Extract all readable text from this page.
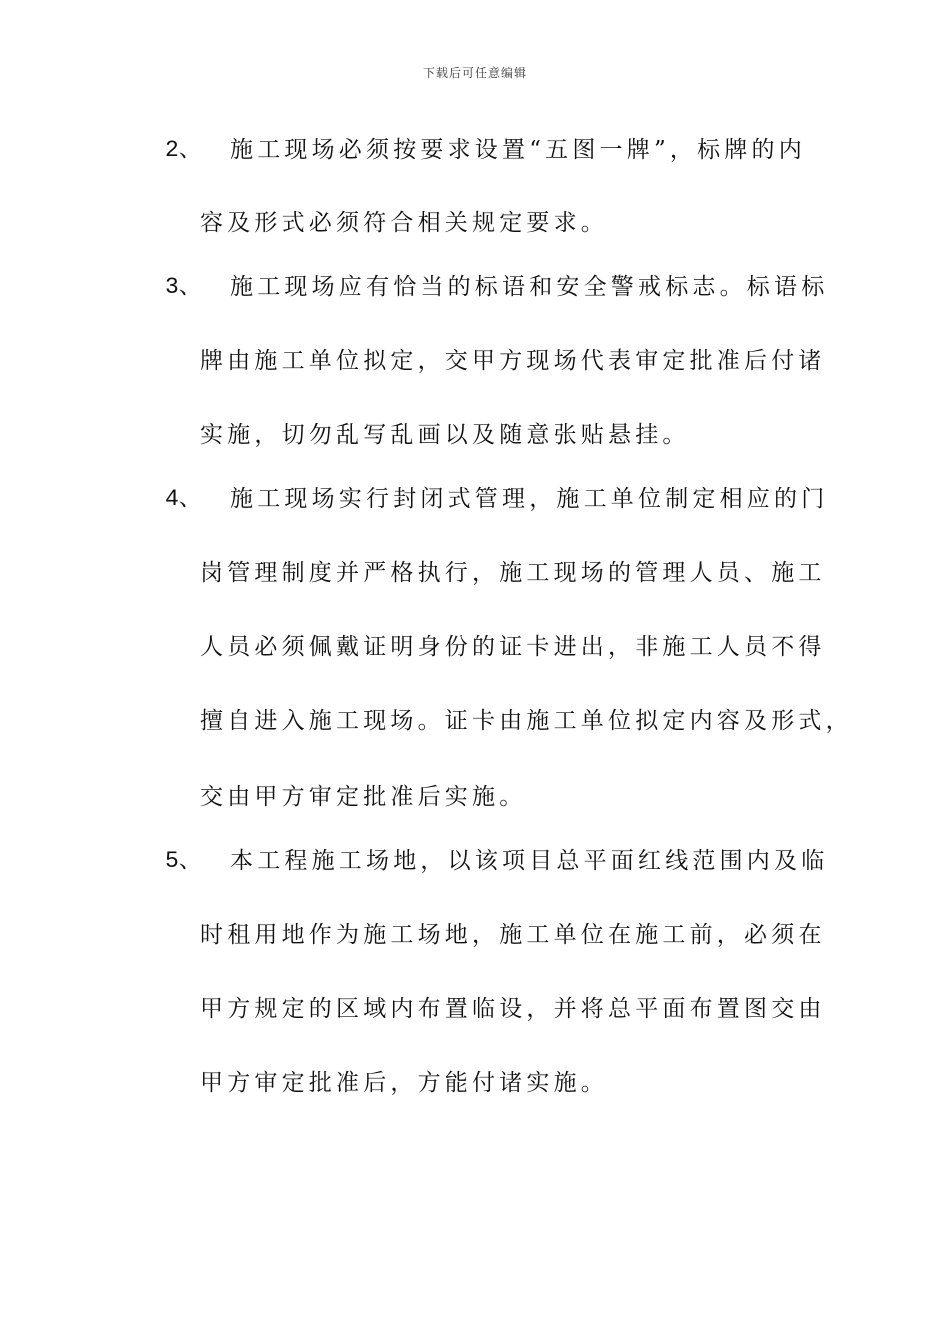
下载后可任意编辑
2、 施工现场必须按要求设置“五图一牌”，标牌的内
容及形式必须符合相关规定要求。
3、 施工现场应有恰当的标语和安全警戒标志。标语标
牌由施工单位拟定，交甲方现场代表审定批准后付诸
实施，切勿乱写乱画以及随意张贴悬挂。
4、 施工现场实行封闭式管理，施工单位制定相应的门
岗管理制度并严格执行，施工现场的管理人员、施工
人员必须佩戴证明身份的证卡进出，非施工人员不得
擅自进入施工现场。证卡由施工单位拟定内容及形式，
交由甲方审定批准后实施。
5、 本工程施工场地，以该项目总平面红线范围内及临
时租用地作为施工场地，施工单位在施工前，必须在
甲方规定的区域内布置临设，并将总平面布置图交由
甲方审定批准后，方能付诸实施。
